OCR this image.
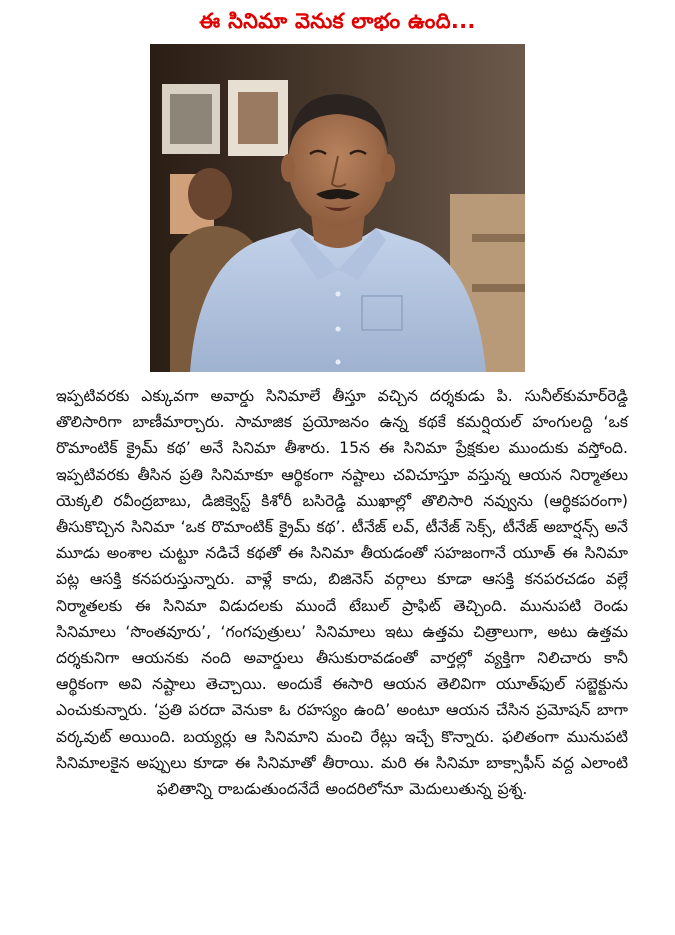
ఈ సినిమా వెనుక లాభం ఉంది...

ఇప్పటివరకు ఎక్కువగా అవార్డు సినిమాలే తీస్తూ వచ్చిన దర్శకుడు పి. సునీల్‌కుమార్‌రెడ్డి తొలిసారిగా బాణీమార్చారు. సామాజిక ప్రయోజనం ఉన్న కథకే కమర్షియల్ హంగులద్ది ‘ఒక రొమాంటిక్ క్రైమ్ కథ’ అనే సినిమా తీశారు. 15న ఈ సినిమా ప్రేక్షకుల ముందుకు వస్తోంది. ఇప్పటివరకు తీసిన ప్రతి సినిమాకూ ఆర్థికంగా నష్టాలు చవిచూస్తూ వస్తున్న ఆయన నిర్మాతలు యెక్కలి రవీంద్రబాబు, డిజిక్వెస్ట్ కిశోరీ బసిరెడ్డి ముఖాల్లో తొలిసారి నవ్వును (ఆర్థికపరంగా) తీసుకొచ్చిన సినిమా ‘ఒక రొమాంటిక్ క్రైమ్ కథ’. టీనేజ్ లవ్, టీనేజ్ సెక్స్, టీనేజ్ అబార్షన్స్ అనే మూడు అంశాల చుట్టూ నడిచే కథతో ఈ సినిమా తీయడంతో సహజంగానే యూత్ ఈ సినిమా పట్ల ఆసక్తి కనపరుస్తున్నారు. వాళ్లే కాదు, బిజినెస్ వర్గాలు కూడా ఆసక్తి కనపరచడం వల్లే నిర్మాతలకు ఈ సినిమా విడుదలకు ముందే టేబుల్ ప్రాఫిట్ తెచ్చింది. మునుపటి రెండు సినిమాలు ‘సొంతవూరు’, ‘గంగపుత్రులు’ సినిమాలు ఇటు ఉత్తమ చిత్రాలుగా, అటు ఉత్తమ దర్శకునిగా ఆయనకు నంది అవార్డులు తీసుకురావడంతో వార్తల్లో వ్యక్తిగా నిలిచారు కానీ ఆర్థికంగా అవి నష్టాలు తెచ్చాయి. అందుకే ఈసారి ఆయన తెలివిగా యూత్‌ఫుల్ సబ్జెక్టును ఎంచుకున్నారు. ‘ప్రతి పరదా వెనుకా ఓ రహస్యం ఉంది’ అంటూ ఆయన చేసిన ప్రమోషన్ బాగా వర్కవుట్ అయింది. బయ్యర్లు ఆ సినిమాని మంచి రేట్లు ఇచ్చే కొన్నారు. ఫలితంగా మునుపటి సినిమాలకైన అప్పులు కూడా ఈ సినిమాతో తీరాయి. మరి ఈ సినిమా బాక్సాఫీస్ వద్ద ఎలాంటి ఫలితాన్ని రాబడుతుందనేదే అందరిలోనూ మెదులుతున్న ప్రశ్న.
